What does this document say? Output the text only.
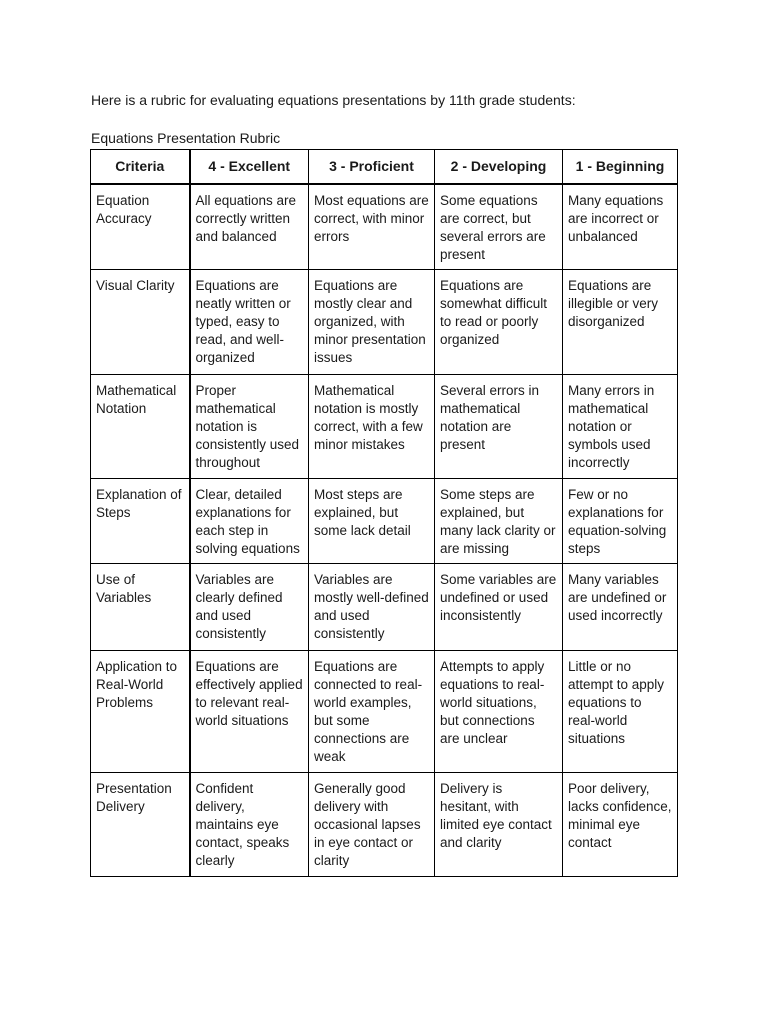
Here is a rubric for evaluating equations presentations by 11th grade students:
Equations Presentation Rubric
Criteria	4 - Excellent	3 - Proficient	2 - Developing	1 - Beginning
Equation Accuracy	All equations are correctly written and balanced	Most equations are correct, with minor errors	Some equations are correct, but several errors are present	Many equations are incorrect or unbalanced
Visual Clarity	Equations are neatly written or typed, easy to read, and well-organized	Equations are mostly clear and organized, with minor presentation issues	Equations are somewhat difficult to read or poorly organized	Equations are illegible or very disorganized
Mathematical Notation	Proper mathematical notation is consistently used throughout	Mathematical notation is mostly correct, with a few minor mistakes	Several errors in mathematical notation are present	Many errors in mathematical notation or symbols used incorrectly
Explanation of Steps	Clear, detailed explanations for each step in solving equations	Most steps are explained, but some lack detail	Some steps are explained, but many lack clarity or are missing	Few or no explanations for equation-solving steps
Use of Variables	Variables are clearly defined and used consistently	Variables are mostly well-defined and used consistently	Some variables are undefined or used inconsistently	Many variables are undefined or used incorrectly
Application to Real-World Problems	Equations are effectively applied to relevant real-world situations	Equations are connected to real-world examples, but some connections are weak	Attempts to apply equations to real-world situations, but connections are unclear	Little or no attempt to apply equations to real-world situations
Presentation Delivery	Confident delivery, maintains eye contact, speaks clearly	Generally good delivery with occasional lapses in eye contact or clarity	Delivery is hesitant, with limited eye contact and clarity	Poor delivery, lacks confidence, minimal eye contact
